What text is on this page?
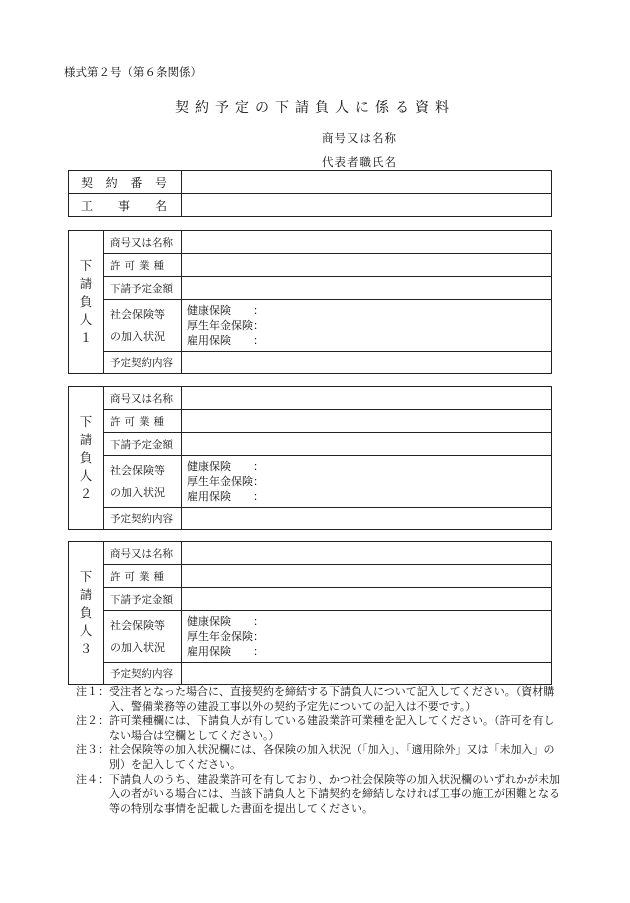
様式第２号（第６条関係）
契約予定の下請負人に係る資料
商号又は名称
代表者職氏名
契約番号	
工事名	
下
請
負
人
１	商号又は名称	
	許可業種	
	下請予定金額	

	社会保険等
の加入状況	健康保険　　：
厚生年金保険：
雇用保険　　：

	予定契約内容	
下
請
負
人
２	商号又は名称	
	許可業種	
	下請予定金額	

	社会保険等
の加入状況	健康保険　　：
厚生年金保険：
雇用保険　　：

	予定契約内容	
下
請
負
人
３	商号又は名称	
	許可業種	
	下請予定金額	

	社会保険等
の加入状況	健康保険　　：
厚生年金保険：
雇用保険　　：

	予定契約内容	
注１： 受注者となった場合に、直接契約を締結する下請負人について記入してください。（資材購入、警備業務等の建設工事以外の契約予定先についての記入は不要です。）
注２： 許可業種欄には、下請負人が有している建設業許可業種を記入してください。（許可を有しない場合は空欄としてください。）
注３： 社会保険等の加入状況欄には、各保険の加入状況（「加入」、「適用除外」又は「未加入」の別）を記入してください。
注４： 下請負人のうち、建設業許可を有しており、かつ社会保険等の加入状況欄のいずれかが未加入の者がいる場合には、当該下請負人と下請契約を締結しなければ工事の施工が困難となる等の特別な事情を記載した書面を提出してください。
